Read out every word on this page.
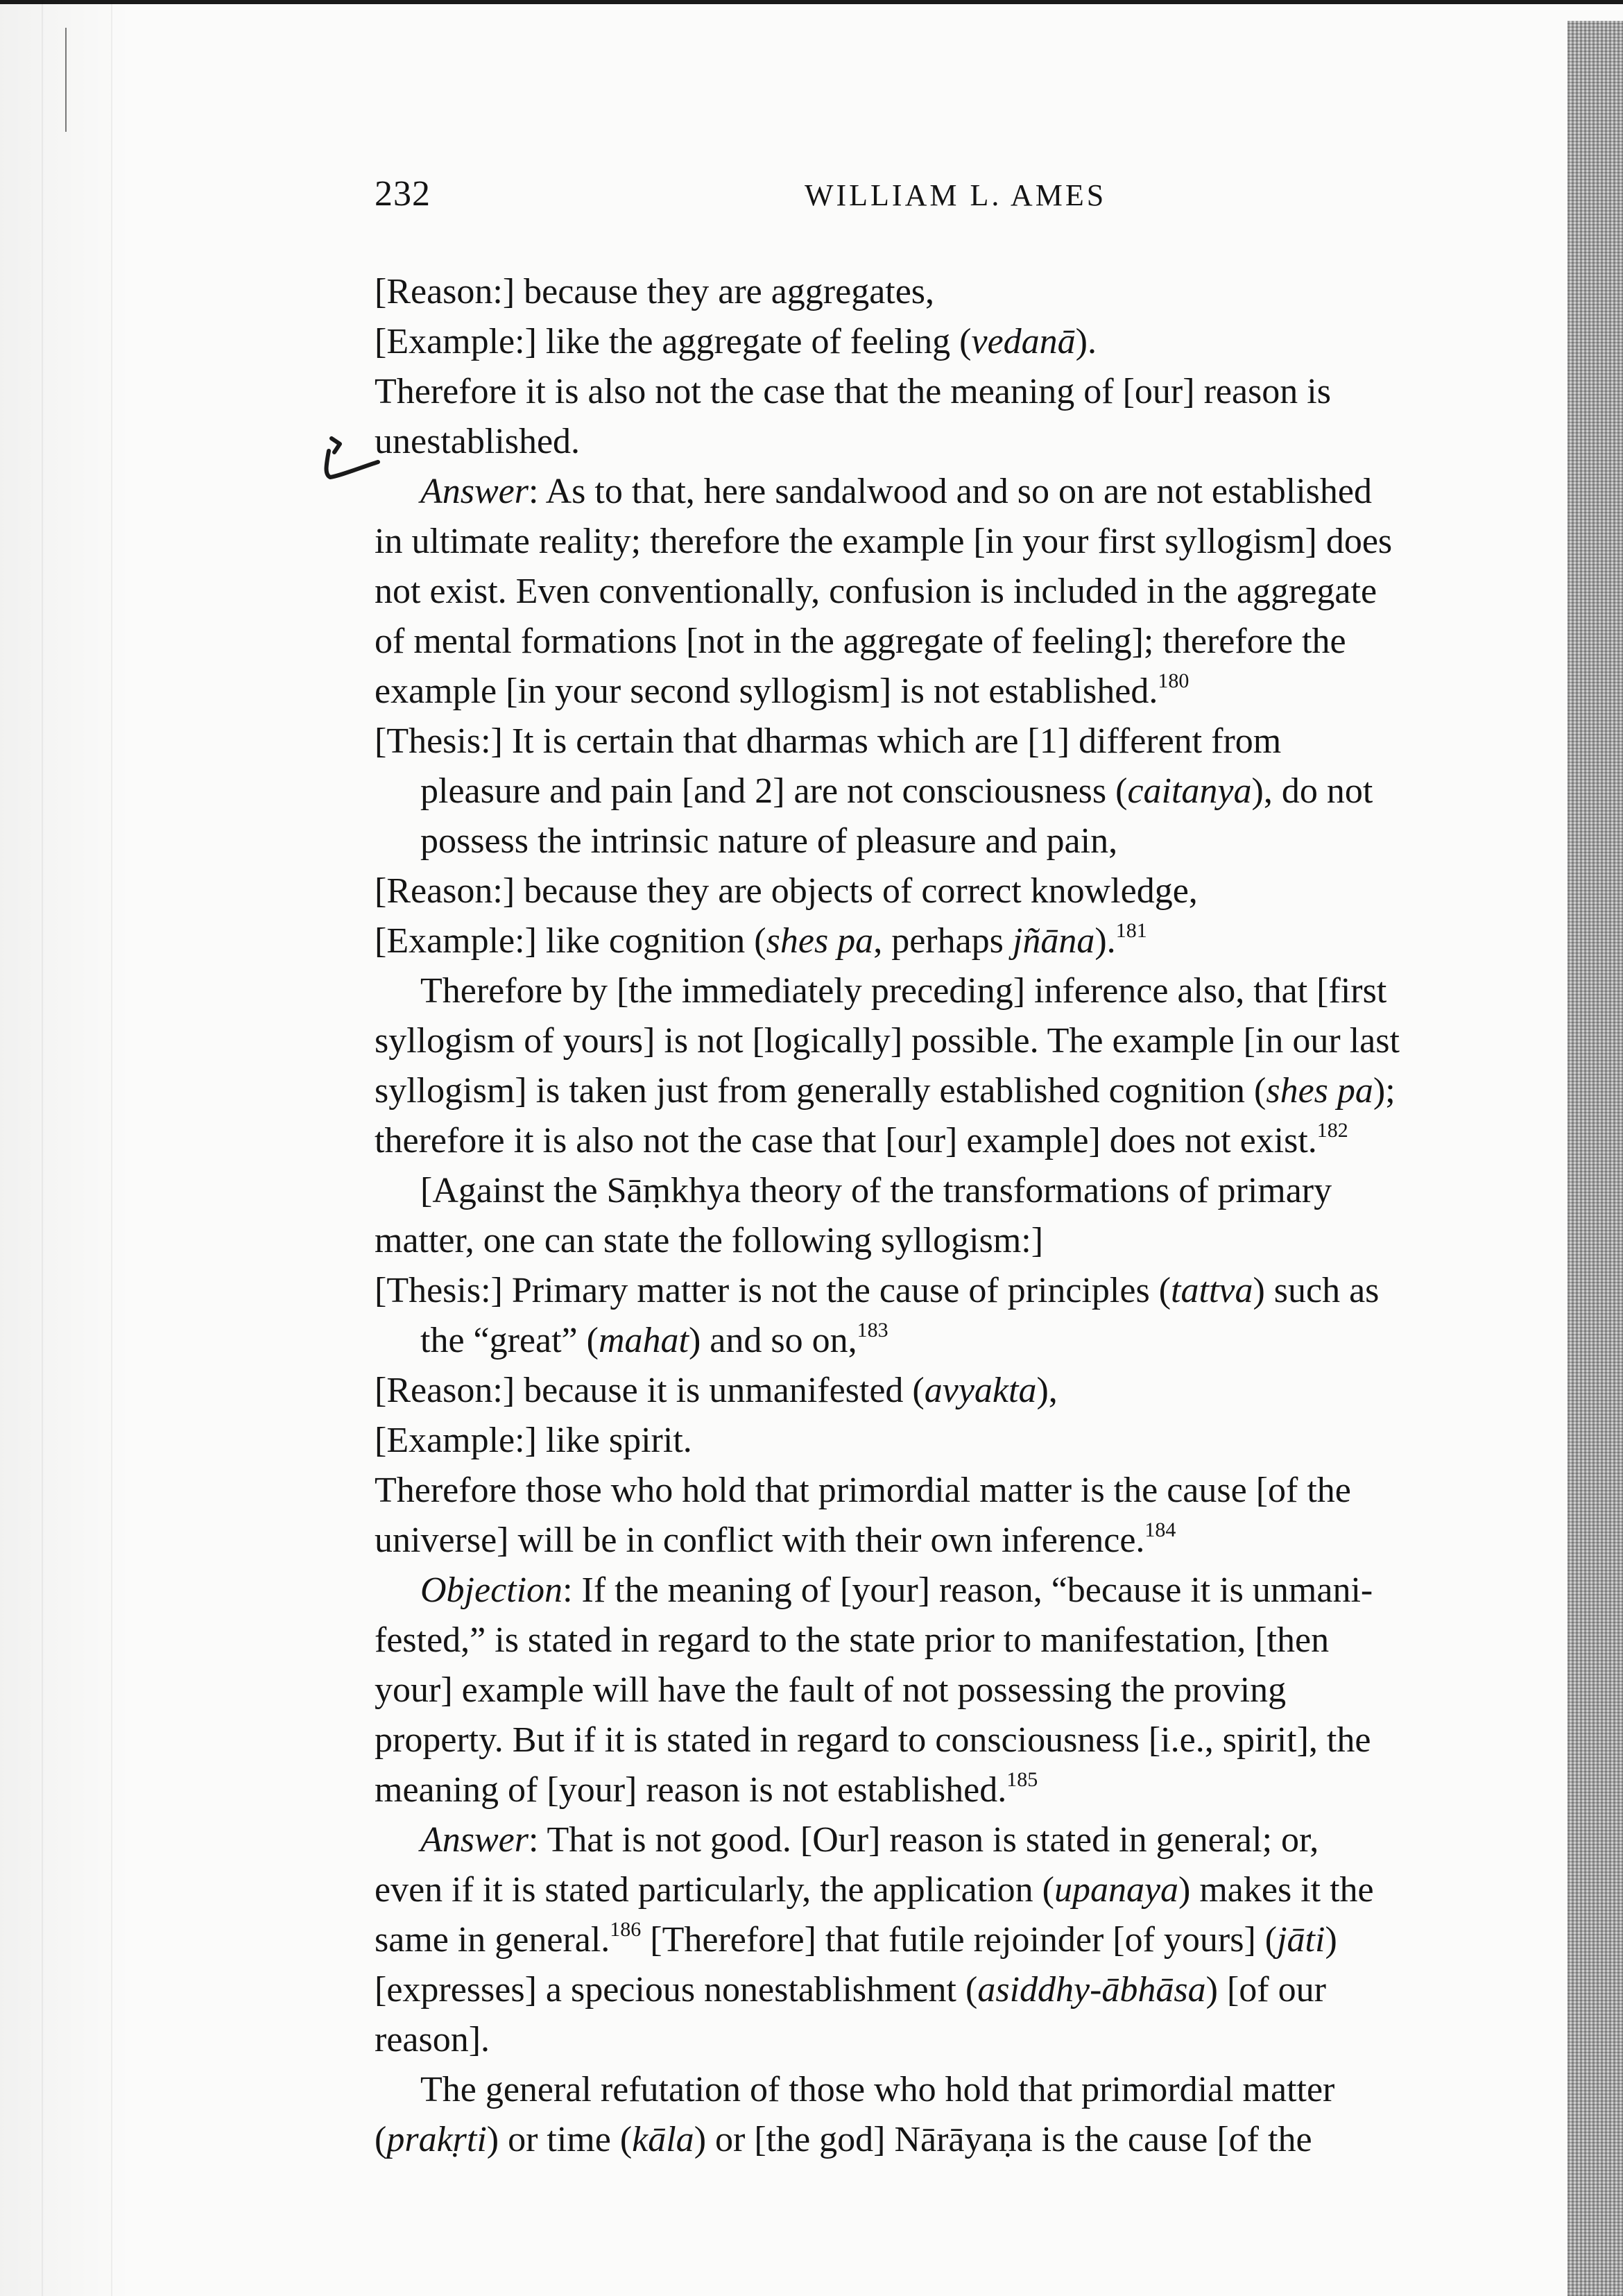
232	WILLIAM L. AMES
[Reason:] because they are aggregates,
[Example:] like the aggregate of feeling (vedanā).
Therefore it is also not the case that the meaning of [our] reason is
unestablished.
Answer: As to that, here sandalwood and so on are not established
in ultimate reality; therefore the example [in your first syllogism] does
not exist. Even conventionally, confusion is included in the aggregate
of mental formations [not in the aggregate of feeling]; therefore the
example [in your second syllogism] is not established.$^{180}$
[Thesis:] It is certain that dharmas which are [1] different from
pleasure and pain [and 2] are not consciousness (caitanya), do not
possess the intrinsic nature of pleasure and pain,
[Reason:] because they are objects of correct knowledge,
[Example:] like cognition (shes pa, perhaps jñāna).$^{181}$
Therefore by [the immediately preceding] inference also, that [first
syllogism of yours] is not [logically] possible. The example [in our last
syllogism] is taken just from generally established cognition (shes pa);
therefore it is also not the case that [our] example] does not exist.$^{182}$
[Against the Sāṃkhya theory of the transformations of primary
matter, one can state the following syllogism:]
[Thesis:] Primary matter is not the cause of principles (tattva) such as
the “great” (mahat) and so on,$^{183}$
[Reason:] because it is unmanifested (avyakta),
[Example:] like spirit.
Therefore those who hold that primordial matter is the cause [of the
universe] will be in conflict with their own inference.$^{184}$
Objection: If the meaning of [your] reason, “because it is unmani-
fested,” is stated in regard to the state prior to manifestation, [then
your] example will have the fault of not possessing the proving
property. But if it is stated in regard to consciousness [i.e., spirit], the
meaning of [your] reason is not established.$^{185}$
Answer: That is not good. [Our] reason is stated in general; or,
even if it is stated particularly, the application (upanaya) makes it the
same in general.$^{186}$ [Therefore] that futile rejoinder [of yours] (jāti)
[expresses] a specious nonestablishment (asiddhy-ābhāsa) [of our
reason].
The general refutation of those who hold that primordial matter
(prakṛti) or time (kāla) or [the god] Nārāyaṇa is the cause [of the
